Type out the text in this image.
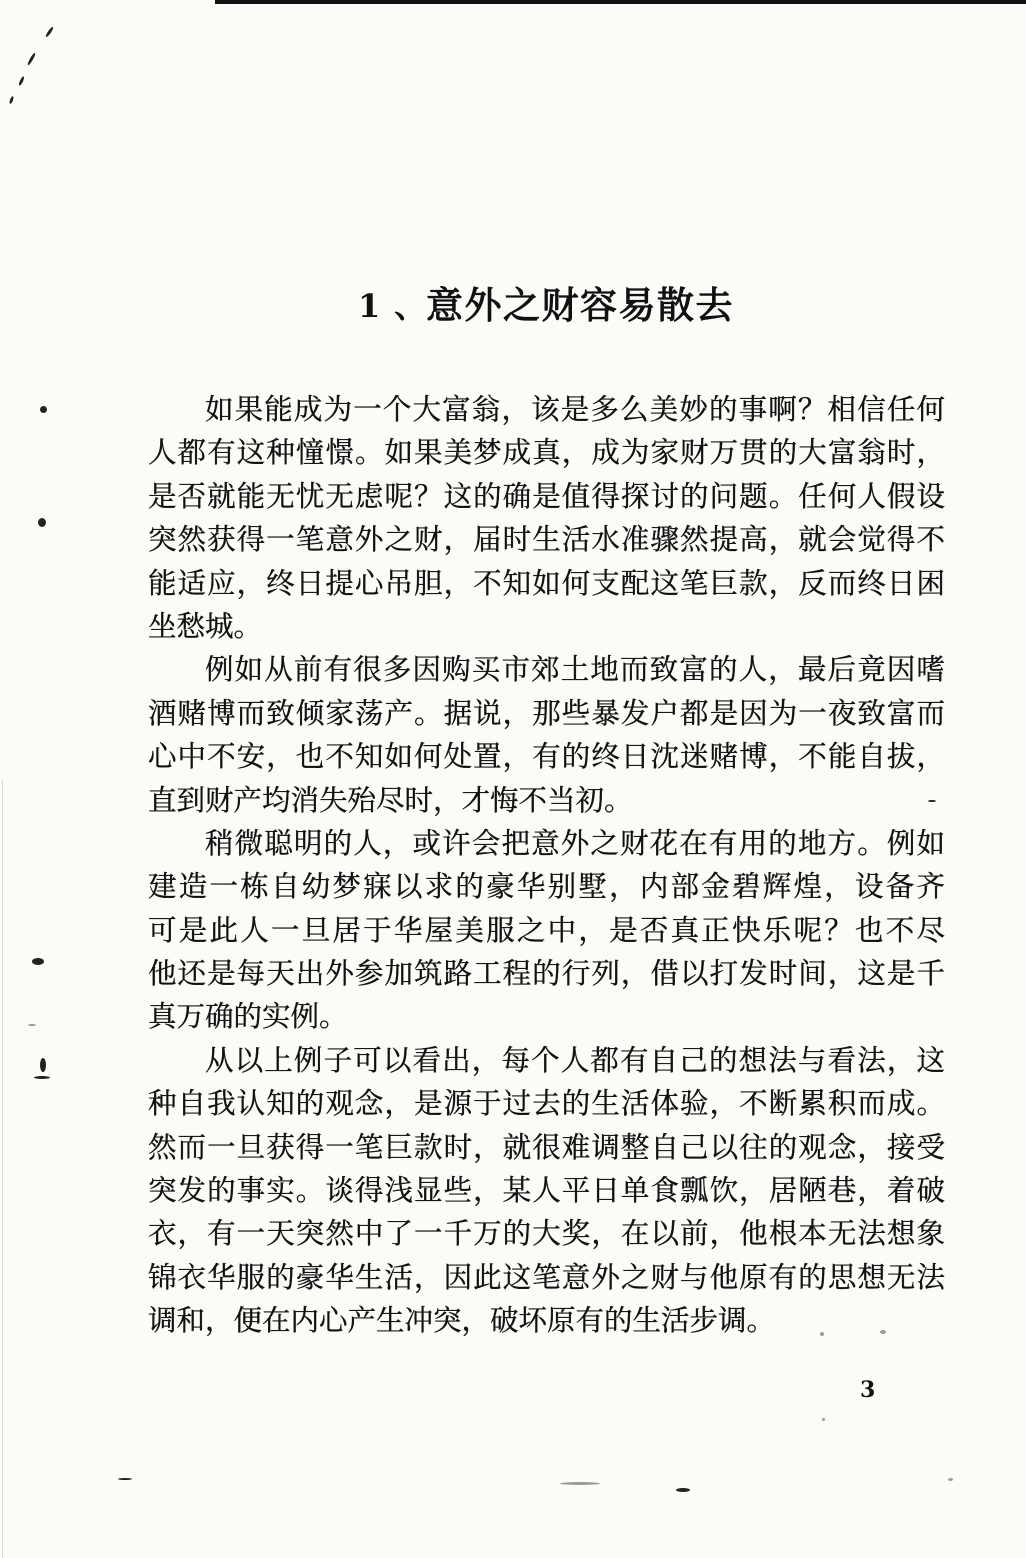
1、
意外之财容易散去
如果能成为一个大富翁，该是多么美妙的事啊？相信任何
人都有这种憧憬。如果美梦成真，成为家财万贯的大富翁时，
是否就能无忧无虑呢？这的确是值得探讨的问题。任何人假设
突然获得一笔意外之财，届时生活水准骤然提高，就会觉得不
能适应，终日提心吊胆，不知如何支配这笔巨款，反而终日困
坐愁城。
例如从前有很多因购买市郊土地而致富的人，最后竟因嗜
酒赌博而致倾家荡产。据说，那些暴发户都是因为一夜致富而
心中不安，也不知如何处置，有的终日沈迷赌博，不能自拔，
直到财产均消失殆尽时，才悔不当初。
稍微聪明的人，或许会把意外之财花在有用的地方。例如
建造一栋自幼梦寐以求的豪华别墅，内部金碧辉煌，设备齐
可是此人一旦居于华屋美服之中，是否真正快乐呢？也不尽
他还是每天出外参加筑路工程的行列，借以打发时间，这是千
真万确的实例。
从以上例子可以看出，每个人都有自己的想法与看法，这
种自我认知的观念，是源于过去的生活体验，不断累积而成。
然而一旦获得一笔巨款时，就很难调整自己以往的观念，接受
突发的事实。谈得浅显些，某人平日单食瓢饮，居陋巷，着破
衣，有一天突然中了一千万的大奖，在以前，他根本无法想象
锦衣华服的豪华生活，因此这笔意外之财与他原有的思想无法
调和，便在内心产生冲突，破坏原有的生活步调。
3
